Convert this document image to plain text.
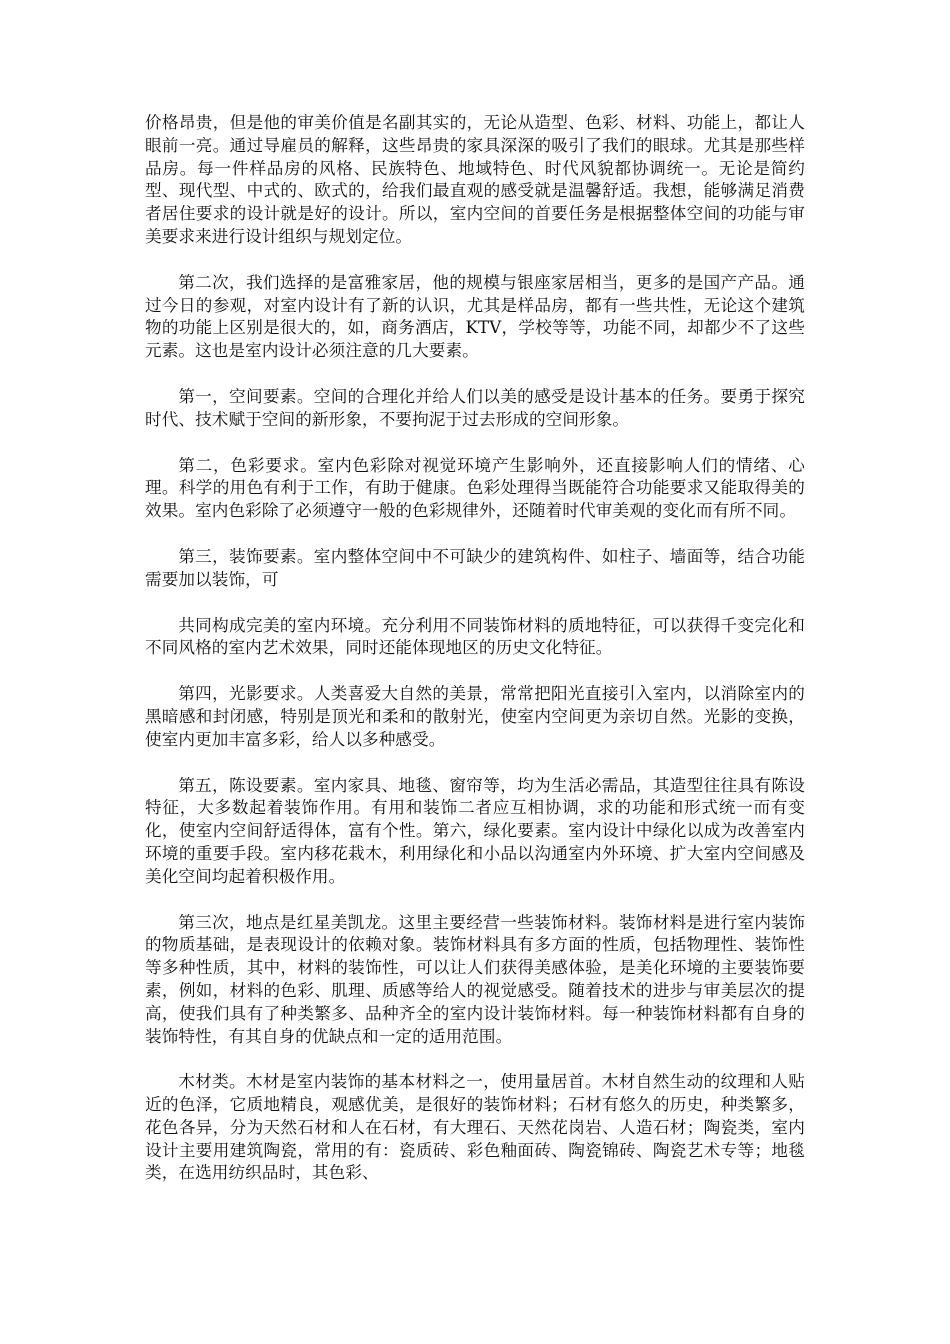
价格昂贵，但是他的审美价值是名副其实的，无论从造型、色彩、材料、功能上，都让人眼前一亮。通过导雇员的解释，这些昂贵的家具深深的吸引了我们的眼球。尤其是那些样品房。每一件样品房的风格、民族特色、地域特色、时代风貌都协调统一。无论是简约型、现代型、中式的、欧式的，给我们最直观的感受就是温馨舒适。我想，能够满足消费者居住要求的设计就是好的设计。所以，室内空间的首要任务是根据整体空间的功能与审美要求来进行设计组织与规划定位。

第二次，我们选择的是富雅家居，他的规模与银座家居相当，更多的是国产产品。通过今日的参观，对室内设计有了新的认识，尤其是样品房，都有一些共性，无论这个建筑物的功能上区别是很大的，如，商务酒店，KTV，学校等等，功能不同，却都少不了这些元素。这也是室内设计必须注意的几大要素。

第一，空间要素。空间的合理化并给人们以美的感受是设计基本的任务。要勇于探究时代、技术赋于空间的新形象，不要拘泥于过去形成的空间形象。

第二，色彩要求。室内色彩除对视觉环境产生影响外，还直接影响人们的情绪、心理。科学的用色有利于工作，有助于健康。色彩处理得当既能符合功能要求又能取得美的效果。室内色彩除了必须遵守一般的色彩规律外，还随着时代审美观的变化而有所不同。

第三，装饰要素。室内整体空间中不可缺少的建筑构件、如柱子、墙面等，结合功能需要加以装饰，可

共同构成完美的室内环境。充分利用不同装饰材料的质地特征，可以获得千变完化和不同风格的室内艺术效果，同时还能体现地区的历史文化特征。

第四，光影要求。人类喜爱大自然的美景，常常把阳光直接引入室内，以消除室内的黑暗感和封闭感，特别是顶光和柔和的散射光，使室内空间更为亲切自然。光影的变换，使室内更加丰富多彩，给人以多种感受。

第五，陈设要素。室内家具、地毯、窗帘等，均为生活必需品，其造型往往具有陈设特征，大多数起着装饰作用。有用和装饰二者应互相协调，求的功能和形式统一而有变化，使室内空间舒适得体，富有个性。第六，绿化要素。室内设计中绿化以成为改善室内环境的重要手段。室内移花栽木，利用绿化和小品以沟通室内外环境、扩大室内空间感及美化空间均起着积极作用。

第三次，地点是红星美凯龙。这里主要经营一些装饰材料。装饰材料是进行室内装饰的物质基础，是表现设计的依赖对象。装饰材料具有多方面的性质，包括物理性、装饰性等多种性质，其中，材料的装饰性，可以让人们获得美感体验，是美化环境的主要装饰要素，例如，材料的色彩、肌理、质感等给人的视觉感受。随着技术的进步与审美层次的提高，使我们具有了种类繁多、品种齐全的室内设计装饰材料。每一种装饰材料都有自身的装饰特性，有其自身的优缺点和一定的适用范围。

木材类。木材是室内装饰的基本材料之一，使用量居首。木材自然生动的纹理和人贴近的色泽，它质地精良，观感优美，是很好的装饰材料；石材有悠久的历史，种类繁多，花色各异，分为天然石材和人在石材，有大理石、天然花岗岩、人造石材；陶瓷类，室内设计主要用建筑陶瓷，常用的有：瓷质砖、彩色釉面砖、陶瓷锦砖、陶瓷艺术专等；地毯类，在选用纺织品时，其色彩、
